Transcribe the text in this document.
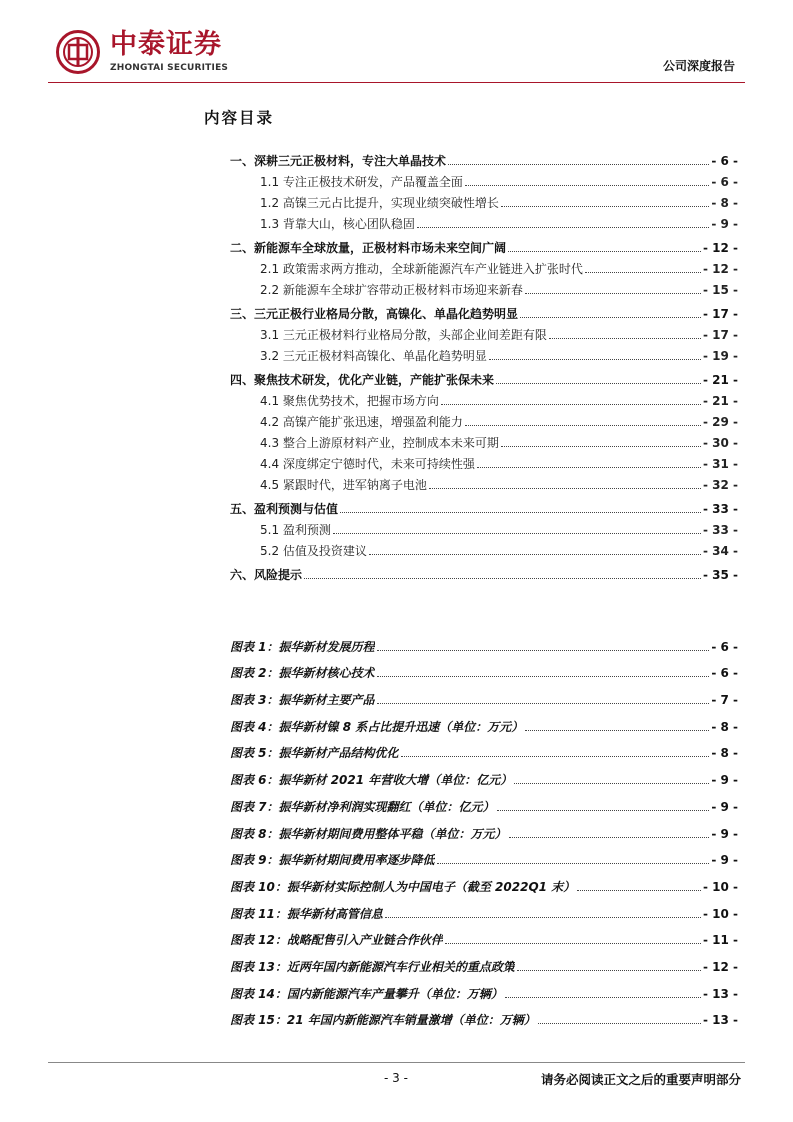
中泰证券
ZHONGTAI SECURITIES	公司深度报告
内容目录
一、深耕三元正极材料，专注大单晶技术	- 6 -
1.1 专注正极技术研发，产品覆盖全面	- 6 -
1.2 高镍三元占比提升，实现业绩突破性增长	- 8 -
1.3 背靠大山，核心团队稳固	- 9 -
二、新能源车全球放量，正极材料市场未来空间广阔	- 12 -
2.1 政策需求两方推动，全球新能源汽车产业链进入扩张时代	- 12 -
2.2 新能源车全球扩容带动正极材料市场迎来新春	- 15 -
三、三元正极行业格局分散，高镍化、单晶化趋势明显	- 17 -
3.1 三元正极材料行业格局分散，头部企业间差距有限	- 17 -
3.2 三元正极材料高镍化、单晶化趋势明显	- 19 -
四、聚焦技术研发，优化产业链，产能扩张保未来	- 21 -
4.1 聚焦优势技术，把握市场方向	- 21 -
4.2 高镍产能扩张迅速，增强盈利能力	- 29 -
4.3 整合上游原材料产业，控制成本未来可期	- 30 -
4.4 深度绑定宁德时代，未来可持续性强	- 31 -
4.5 紧跟时代，进军钠离子电池	- 32 -
五、盈利预测与估值	- 33 -
5.1 盈利预测	- 33 -
5.2 估值及投资建议	- 34 -
六、风险提示	- 35 -
图表 1：振华新材发展历程	- 6 -
图表 2：振华新材核心技术	- 6 -
图表 3：振华新材主要产品	- 7 -
图表 4：振华新材镍 8 系占比提升迅速（单位：万元）	- 8 -
图表 5：振华新材产品结构优化	- 8 -
图表 6：振华新材 2021 年营收大增（单位：亿元）	- 9 -
图表 7：振华新材净利润实现翻红（单位：亿元）	- 9 -
图表 8：振华新材期间费用整体平稳（单位：万元）	- 9 -
图表 9：振华新材期间费用率逐步降低	- 9 -
图表 10：振华新材实际控制人为中国电子（截至 2022Q1 末）	- 10 -
图表 11：振华新材高管信息	- 10 -
图表 12：战略配售引入产业链合作伙伴	- 11 -
图表 13：近两年国内新能源汽车行业相关的重点政策	- 12 -
图表 14：国内新能源汽车产量攀升（单位：万辆）	- 13 -
图表 15：21 年国内新能源汽车销量激增（单位：万辆）	- 13 -
- 3 -	请务必阅读正文之后的重要声明部分
